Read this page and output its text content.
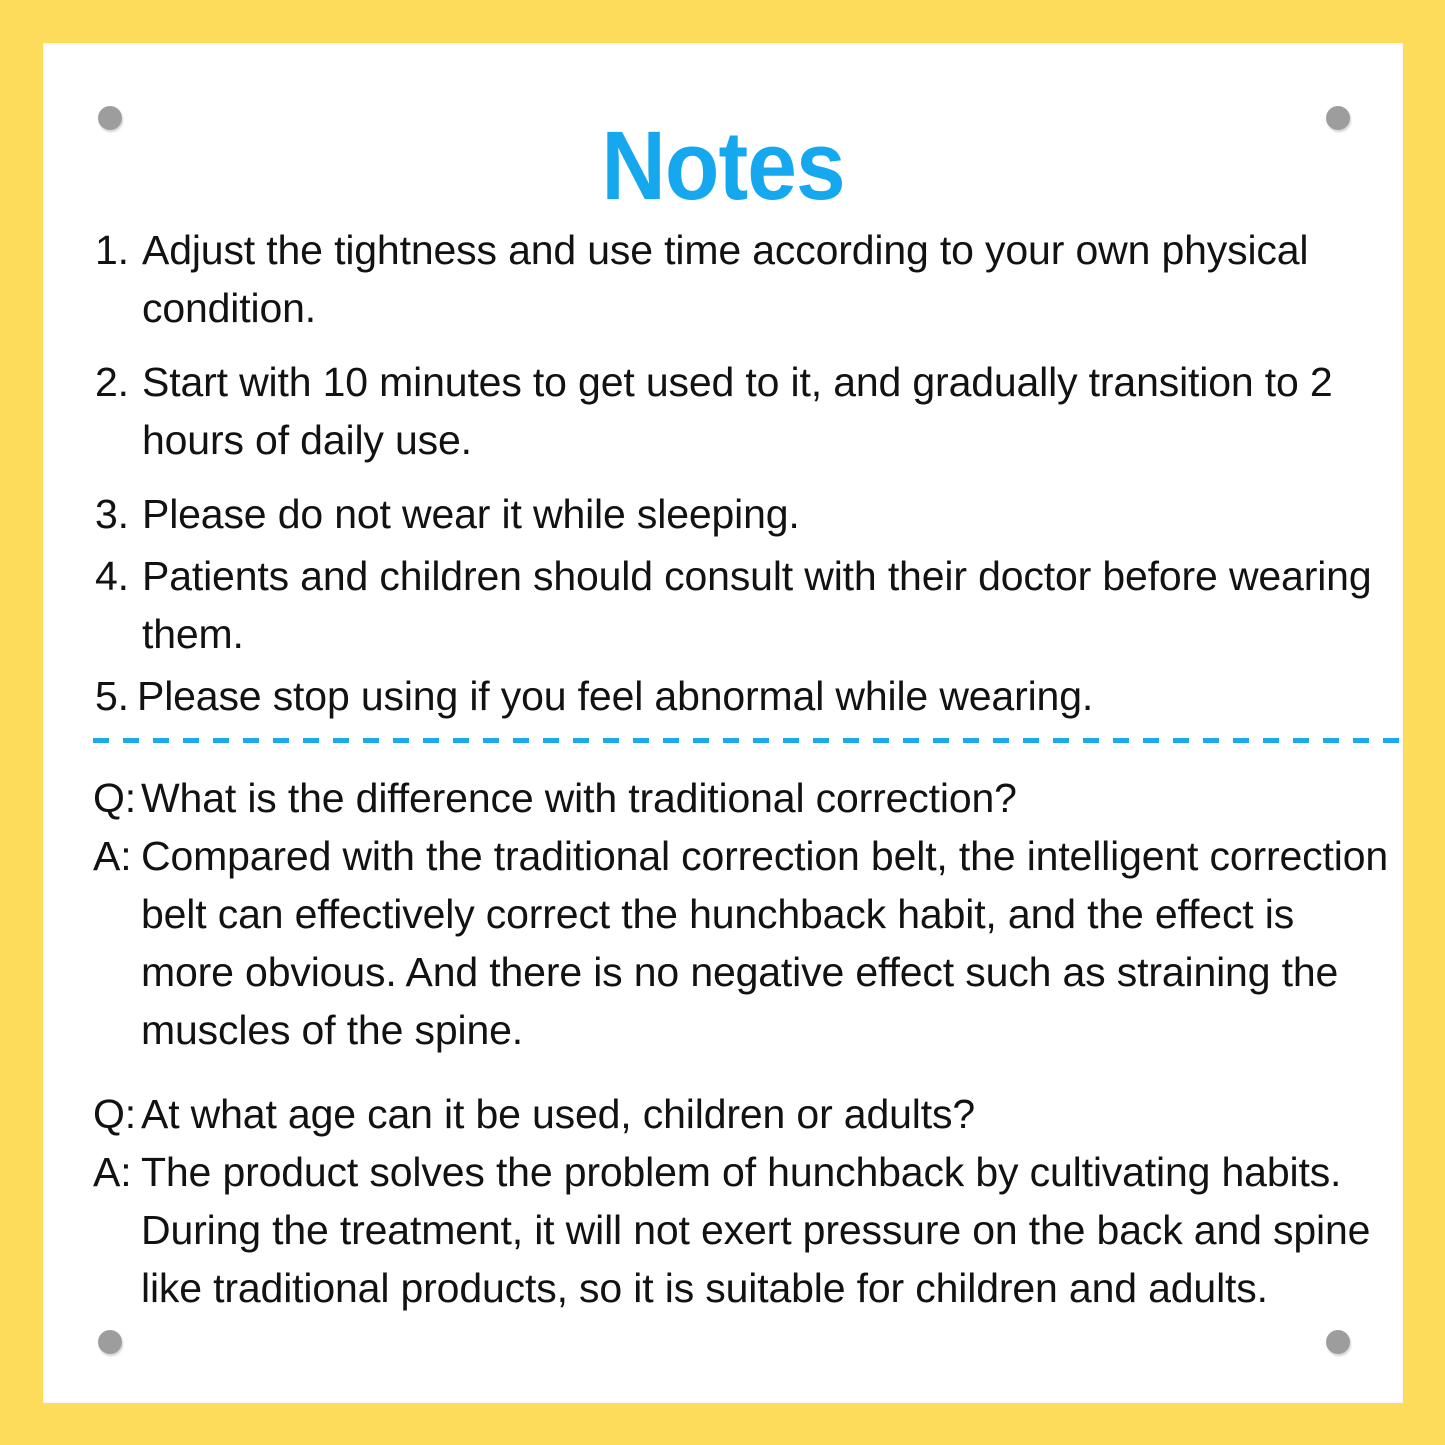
Notes
1. Adjust the tightness and use time according to your own physical condition.
2. Start with 10 minutes to get used to it, and gradually transition to 2 hours of daily use.
3. Please do not wear it while sleeping.
4. Patients and children should consult with their doctor before wearing them.
5. Please stop using if you feel abnormal while wearing.
Q: What is the difference with traditional correction?
A: Compared with the traditional correction belt, the intelligent correction belt can effectively correct the hunchback habit, and the effect is more obvious. And there is no negative effect such as straining the muscles of the spine.
Q: At what age can it be used, children or adults?
A: The product solves the problem of hunchback by cultivating habits. During the treatment, it will not exert pressure on the back and spine like traditional products, so it is suitable for children and adults.
